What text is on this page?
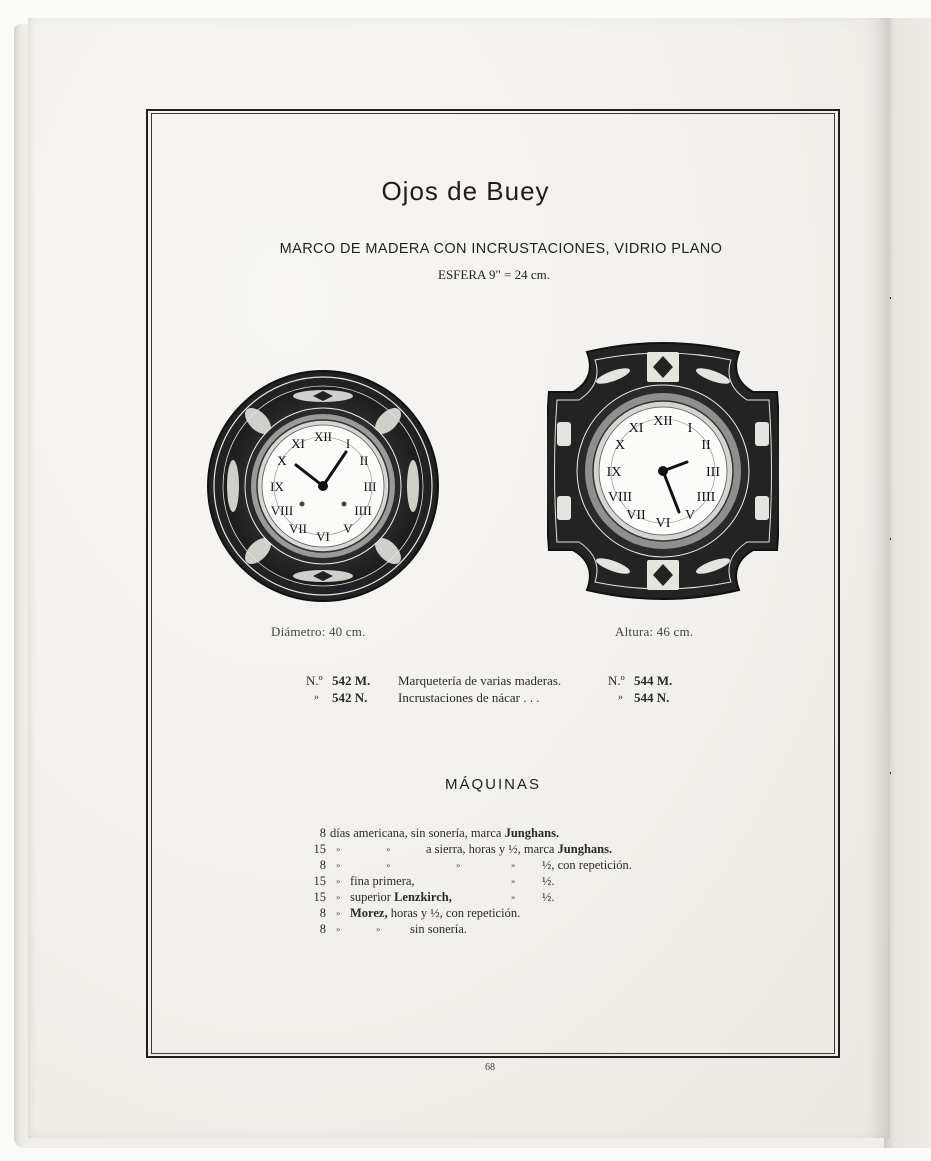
Ojos de Buey
MARCO DE MADERA CON INCRUSTACIONES, VIDRIO PLANO
ESFERA 9" = 24 cm.
XII I
II
III
IIII
V
VI
VII
VIII
IX
X
XI
XII I
II
III
IIII
V
VI
VII
VIII
IX
X
XI
Diámetro: 40 cm.	Altura: 46 cm.
N.º 542 M. Marquetería de varias maderas.	N.º 544 M.
» 542 N. Incrustaciones de nácar . . .	» 544 N.
MÁQUINAS
8 días americana, sin sonería, marca Junghans.
15 »	»	a sierra, horas y ½, marca Junghans.
8 »	»	»	» ½, con repetición.
15 » fina primera,	» ½.
15 » superior Lenzkirch,	» ½.
8 » Morez, horas y ½, con repetición.
8 »	» sin sonería.
68
